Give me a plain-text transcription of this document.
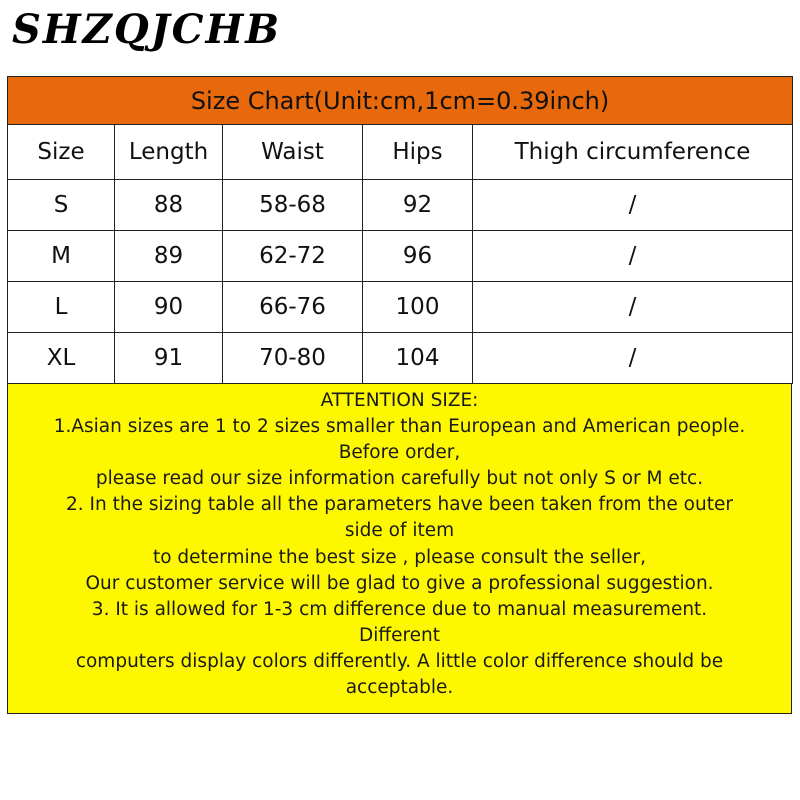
SHZQJCHB
Size Chart(Unit:cm,1cm=0.39inch)				
Size	Length	Waist	Hips	Thigh circumference
S	88	58-68	92	/
M	89	62-72	96	/
L	90	66-76	100	/
XL	91	70-80	104	/
ATTENTION SIZE:
1.Asian sizes are 1 to 2 sizes smaller than European and American people.
Before order,
please read our size information carefully but not only S or M etc.
2. In the sizing table all the parameters have been taken from the outer
side of item
to determine the best size , please consult the seller,
Our customer service will be glad to give a professional suggestion.
3. It is allowed for 1-3 cm difference due to manual measurement.
Different
computers display colors differently. A little color difference should be
acceptable.
